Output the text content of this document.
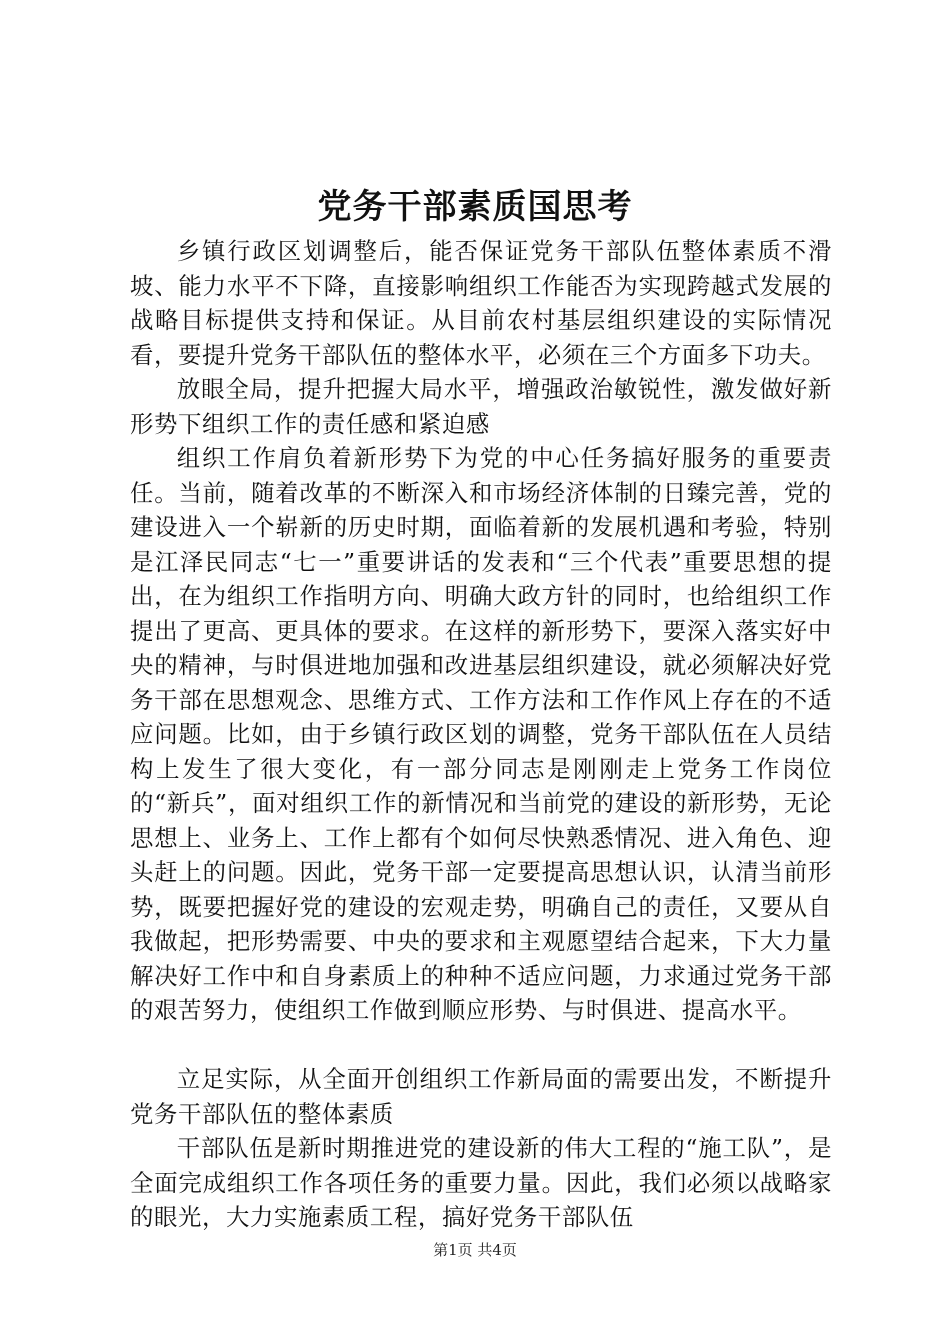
党务干部素质国思考

乡镇行政区划调整后，能否保证党务干部队伍整体素质不滑坡、能力水平不下降，直接影响组织工作能否为实现跨越式发展的战略目标提供支持和保证。从目前农村基层组织建设的实际情况看，要提升党务干部队伍的整体水平，必须在三个方面多下功夫。

放眼全局，提升把握大局水平，增强政治敏锐性，激发做好新形势下组织工作的责任感和紧迫感

组织工作肩负着新形势下为党的中心任务搞好服务的重要责任。当前，随着改革的不断深入和市场经济体制的日臻完善，党的建设进入一个崭新的历史时期，面临着新的发展机遇和考验，特别是江泽民同志“七一”重要讲话的发表和“三个代表”重要思想的提出，在为组织工作指明方向、明确大政方针的同时，也给组织工作提出了更高、更具体的要求。在这样的新形势下，要深入落实好中央的精神，与时俱进地加强和改进基层组织建设，就必须解决好党务干部在思想观念、思维方式、工作方法和工作作风上存在的不适应问题。比如，由于乡镇行政区划的调整，党务干部队伍在人员结构上发生了很大变化，有一部分同志是刚刚走上党务工作岗位的“新兵”，面对组织工作的新情况和当前党的建设的新形势，无论思想上、业务上、工作上都有个如何尽快熟悉情况、进入角色、迎头赶上的问题。因此，党务干部一定要提高思想认识，认清当前形势，既要把握好党的建设的宏观走势，明确自己的责任，又要从自我做起，把形势需要、中央的要求和主观愿望结合起来，下大力量解决好工作中和自身素质上的种种不适应问题，力求通过党务干部的艰苦努力，使组织工作做到顺应形势、与时俱进、提高水平。

立足实际，从全面开创组织工作新局面的需要出发，不断提升党务干部队伍的整体素质

干部队伍是新时期推进党的建设新的伟大工程的“施工队”，是全面完成组织工作各项任务的重要力量。因此，我们必须以战略家的眼光，大力实施素质工程，搞好党务干部队伍

第1页 共4页
